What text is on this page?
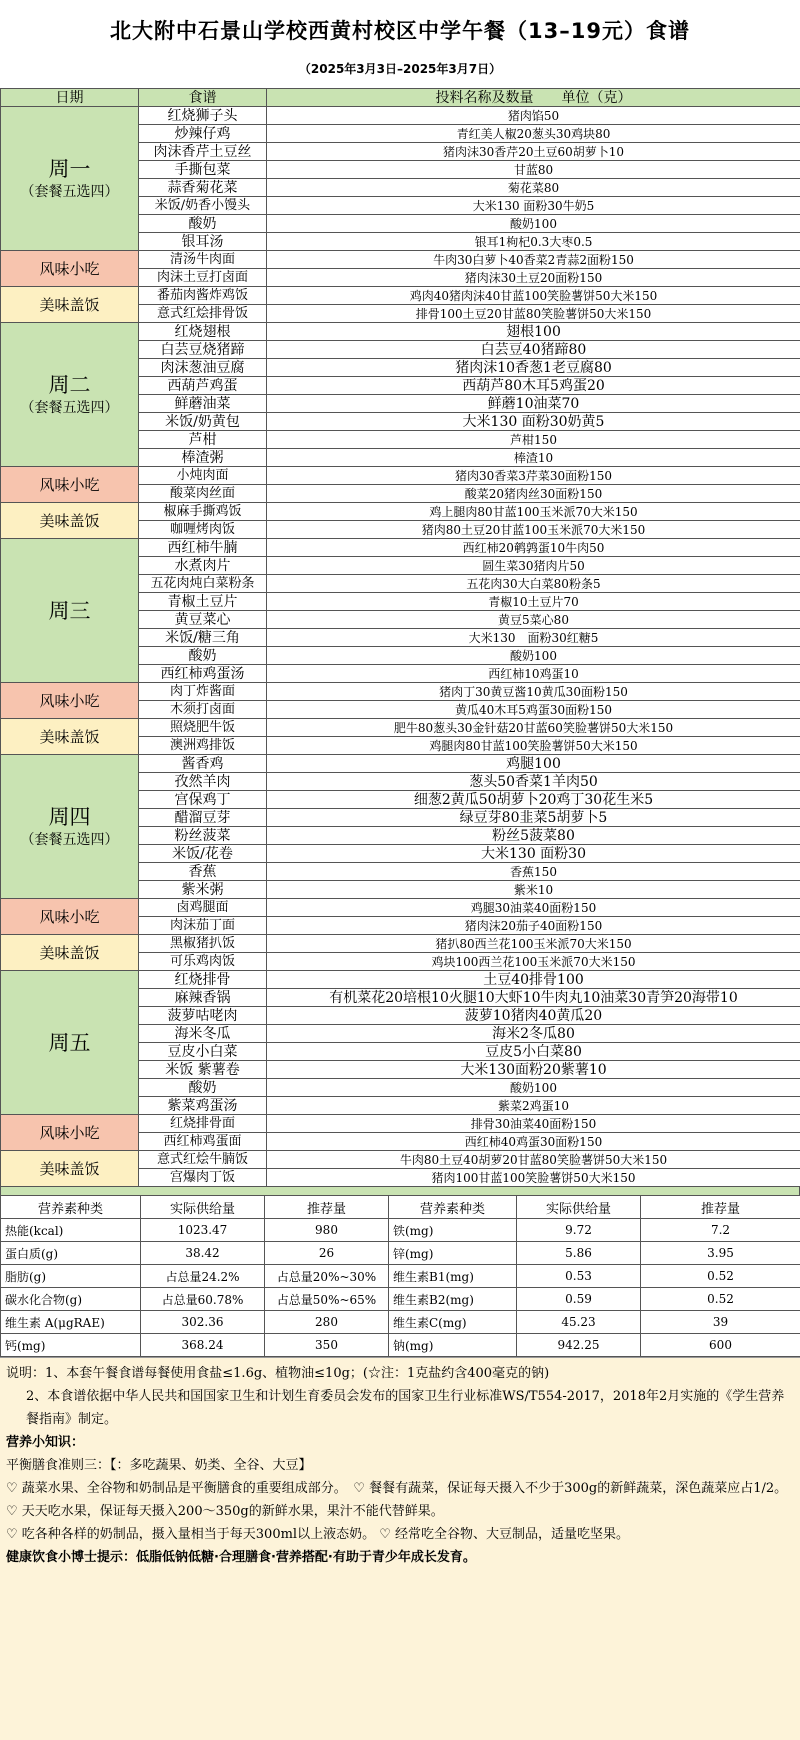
北大附中石景山学校西黄村校区中学午餐（13–19元）食谱
（2025年3月3日–2025年3月7日）
日期	食谱	投料名称及数量　　单位（克）

周一
（套餐五选四）	红烧狮子头	猪肉馅50
	炒辣仔鸡	青红美人椒20葱头30鸡块80
	肉沫香芹土豆丝	猪肉沫30香芹20土豆60胡萝卜10
	手撕包菜	甘蓝80
	蒜香菊花菜	菊花菜80
	米饭/奶香小馒头	大米130 面粉30牛奶5
	酸奶	酸奶100
	银耳汤	银耳1枸杞0.3大枣0.5
风味小吃	清汤牛肉面	牛肉30白萝卜40香菜2青蒜2面粉150
	肉沫土豆打卤面	猪肉沫30土豆20面粉150
美味盖饭	番茄肉酱炸鸡饭	鸡肉40猪肉沫40甘蓝100笑脸薯饼50大米150
	意式红烩排骨饭	排骨100土豆20甘蓝80笑脸薯饼50大米150

周二
（套餐五选四）	红烧翅根	翅根100
	白芸豆烧猪蹄	白芸豆40猪蹄80
	肉沫葱油豆腐	猪肉沫10香葱1老豆腐80
	西葫芦鸡蛋	西葫芦80木耳5鸡蛋20
	鲜蘑油菜	鲜蘑10油菜70
	米饭/奶黄包	大米130 面粉30奶黄5
	芦柑	芦柑150
	棒渣粥	棒渣10
风味小吃	小炖肉面	猪肉30香菜3芹菜30面粉150
	酸菜肉丝面	酸菜20猪肉丝30面粉150
美味盖饭	椒麻手撕鸡饭	鸡上腿肉80甘蓝100玉米派70大米150
	咖喱烤肉饭	猪肉80土豆20甘蓝100玉米派70大米150

周三	西红柿牛腩	西红柿20鹌鹑蛋10牛肉50
	水煮肉片	圆生菜30猪肉片50
	五花肉炖白菜粉条	五花肉30大白菜80粉条5
	青椒土豆片	青椒10土豆片70
	黄豆菜心	黄豆5菜心80
	米饭/糖三角	大米130　面粉30红糖5
	酸奶	酸奶100
	西红柿鸡蛋汤	西红柿10鸡蛋10
风味小吃	肉丁炸酱面	猪肉丁30黄豆酱10黄瓜30面粉150
	木须打卤面	黄瓜40木耳5鸡蛋30面粉150
美味盖饭	照烧肥牛饭	肥牛80葱头30金针菇20甘蓝60笑脸薯饼50大米150
	澳洲鸡排饭	鸡腿肉80甘蓝100笑脸薯饼50大米150

周四
（套餐五选四）	酱香鸡	鸡腿100
	孜然羊肉	葱头50香菜1羊肉50
	宫保鸡丁	细葱2黄瓜50胡萝卜20鸡丁30花生米5
	醋溜豆芽	绿豆芽80韭菜5胡萝卜5
	粉丝菠菜	粉丝5菠菜80
	米饭/花卷	大米130 面粉30
	香蕉	香蕉150
	紫米粥	紫米10
风味小吃	卤鸡腿面	鸡腿30油菜40面粉150
	肉沫茄丁面	猪肉沫20茄子40面粉150
美味盖饭	黑椒猪扒饭	猪扒80西兰花100玉米派70大米150
	可乐鸡肉饭	鸡块100西兰花100玉米派70大米150

周五	红烧排骨	土豆40排骨100
	麻辣香锅	有机菜花20培根10火腿10大虾10牛肉丸10油菜30青笋20海带10
	菠萝咕咾肉	菠萝10猪肉40黄瓜20
	海米冬瓜	海米2冬瓜80
	豆皮小白菜	豆皮5小白菜80
	米饭 紫薯卷	大米130面粉20紫薯10
	酸奶	酸奶100
	紫菜鸡蛋汤	紫菜2鸡蛋10
风味小吃	红烧排骨面	排骨30油菜40面粉150
	西红柿鸡蛋面	西红柿40鸡蛋30面粉150
美味盖饭	意式红烩牛腩饭	牛肉80土豆40胡萝20甘蓝80笑脸薯饼50大米150
	宫爆肉丁饭	猪肉100甘蓝100笑脸薯饼50大米150
营养素种类	实际供给量	推荐量	营养素种类	实际供给量	推荐量
热能(kcal)	1023.47	980	铁(mg)	9.72	7.2
蛋白质(g)	38.42	26	锌(mg)	5.86	3.95
脂肪(g)	占总量24.2%	占总量20%~30%	维生素B1(mg)	0.53	0.52
碳水化合物(g)	占总量60.78%	占总量50%~65%	维生素B2(mg)	0.59	0.52
维生素 A(μgRAE)	302.36	280	维生素C(mg)	45.23	39
钙(mg)	368.24	350	钠(mg)	942.25	600

说明：1、本套午餐食谱每餐使用食盐≤1.6g、植物油≤10g；(☆注：1克盐约含400毫克的钠)

2、本食谱依据中华人民共和国国家卫生和计划生育委员会发布的国家卫生行业标准WS/T554-2017，2018年2月实施的《学生营养餐指南》制定。

营养小知识：

平衡膳食准则三：【：多吃蔬果、奶类、全谷、大豆】

♡ 蔬菜水果、全谷物和奶制品是平衡膳食的重要组成部分。　♡ 餐餐有蔬菜，保证每天摄入不少于300g的新鲜蔬菜，深色蔬菜应占1/2。 ♡ 天天吃水果，保证每天摄入200～350g的新鲜水果，果汁不能代替鲜果。

♡ 吃各种各样的奶制品，摄入量相当于每天300ml以上液态奶。 ♡ 经常吃全谷物、大豆制品，适量吃坚果。

健康饮食小博士提示：低脂低钠低糖·合理膳食·营养搭配·有助于青少年成长发育。
